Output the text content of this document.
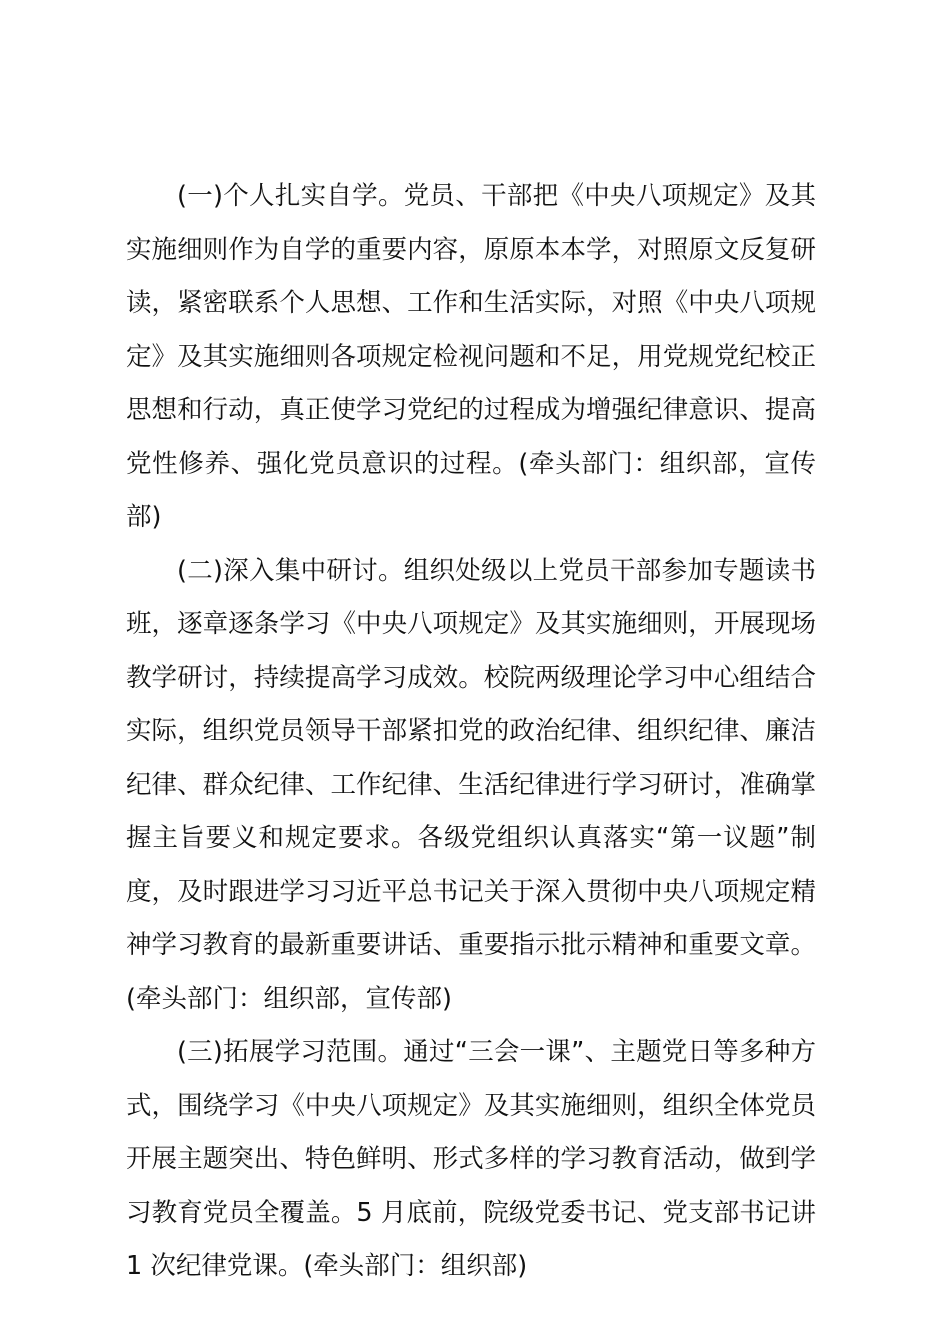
(一)个人扎实自学。党员、干部把《中央八项规定》及其实施细则作为自学的重要内容，原原本本学，对照原文反复研读，紧密联系个人思想、工作和生活实际，对照《中央八项规定》及其实施细则各项规定检视问题和不足，用党规党纪校正思想和行动，真正使学习党纪的过程成为增强纪律意识、提高党性修养、强化党员意识的过程。(牵头部门：组织部，宣传部)

(二)深入集中研讨。组织处级以上党员干部参加专题读书班，逐章逐条学习《中央八项规定》及其实施细则，开展现场教学研讨，持续提高学习成效。校院两级理论学习中心组结合实际，组织党员领导干部紧扣党的政治纪律、组织纪律、廉洁纪律、群众纪律、工作纪律、生活纪律进行学习研讨，准确掌握主旨要义和规定要求。各级党组织认真落实“第一议题”制度，及时跟进学习习近平总书记关于深入贯彻中央八项规定精神学习教育的最新重要讲话、重要指示批示精神和重要文章。(牵头部门：组织部，宣传部)

(三)拓展学习范围。通过“三会一课”、主题党日等多种方式，围绕学习《中央八项规定》及其实施细则，组织全体党员开展主题突出、特色鲜明、形式多样的学习教育活动，做到学习教育党员全覆盖。5 月底前，院级党委书记、党支部书记讲1 次纪律党课。(牵头部门：组织部)
